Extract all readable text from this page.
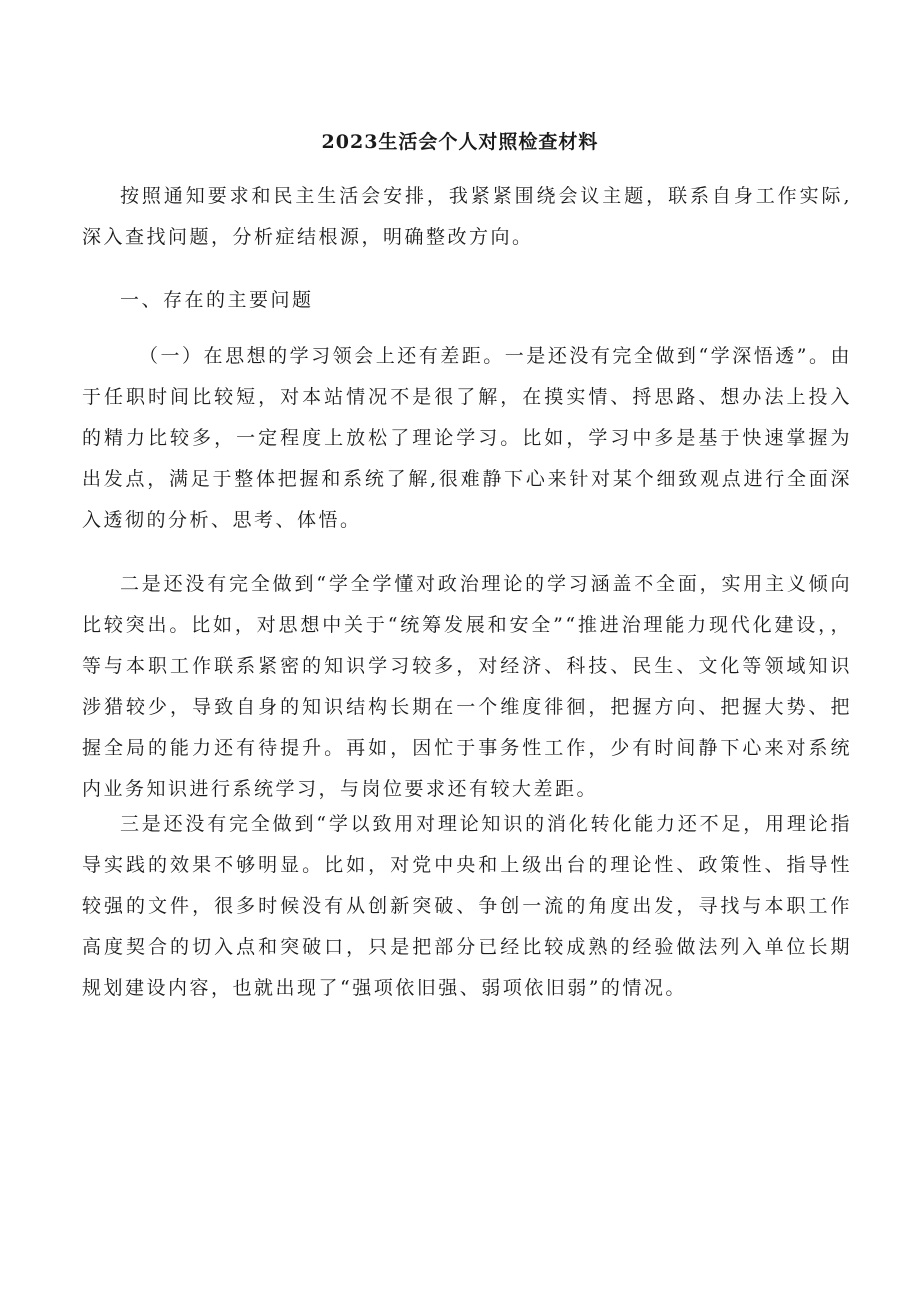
2023生活会个人对照检查材料

按照通知要求和民主生活会安排，我紧紧围绕会议主题，联系自身工作实际,深入查找问题，分析症结根源，明确整改方向。

一、存在的主要问题

（一）在思想的学习领会上还有差距。一是还没有完全做到“学深悟透”。由于任职时间比较短，对本站情况不是很了解，在摸实情、捋思路、想办法上投入的精力比较多，一定程度上放松了理论学习。比如，学习中多是基于快速掌握为出发点，满足于整体把握和系统了解,很难静下心来针对某个细致观点进行全面深入透彻的分析、思考、体悟。

二是还没有完全做到“学全学懂对政治理论的学习涵盖不全面，实用主义倾向比较突出。比如，对思想中关于“统筹发展和安全”“推进治理能力现代化建设，，等与本职工作联系紧密的知识学习较多，对经济、科技、民生、文化等领域知识涉猎较少，导致自身的知识结构长期在一个维度徘徊，把握方向、把握大势、把握全局的能力还有待提升。再如，因忙于事务性工作，少有时间静下心来对系统内业务知识进行系统学习，与岗位要求还有较大差距。

三是还没有完全做到“学以致用对理论知识的消化转化能力还不足，用理论指导实践的效果不够明显。比如，对党中央和上级出台的理论性、政策性、指导性较强的文件，很多时候没有从创新突破、争创一流的角度出发，寻找与本职工作高度契合的切入点和突破口，只是把部分已经比较成熟的经验做法列入单位长期规划建设内容，也就出现了“强项依旧强、弱项依旧弱”的情况。
